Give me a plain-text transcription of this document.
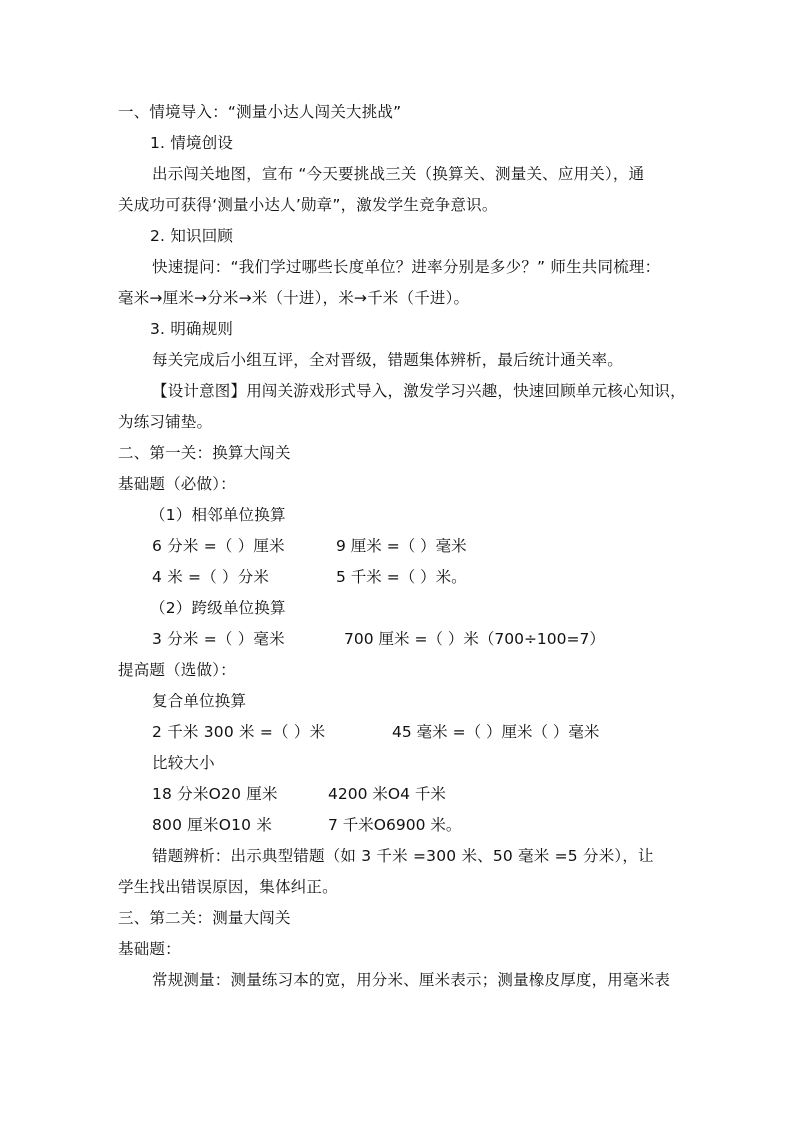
一、情境导入：“测量小达人闯关大挑战”
1. 情境创设
出示闯关地图，宣布 “今天要挑战三关（换算关、测量关、应用关），通
关成功可获得‘测量小达人’勋章”，激发学生竞争意识。
2. 知识回顾
快速提问：“我们学过哪些长度单位？进率分别是多少？” 师生共同梳理：
毫米→厘米→分米→米（十进），米→千米（千进）。
3. 明确规则
每关完成后小组互评，全对晋级，错题集体辨析，最后统计通关率。
【设计意图】用闯关游戏形式导入，激发学习兴趣，快速回顾单元核心知识，
为练习铺垫。
二、第一关：换算大闯关
基础题（必做）：
（1）相邻单位换算
6 分米 =（ ）厘米	9 厘米 =（ ）毫米
4 米 =（ ）分米	5 千米 =（ ）米。
（2）跨级单位换算
3 分米 =（ ）毫米	700 厘米 =（ ）米（700÷100=7）
提高题（选做）：
复合单位换算
2 千米 300 米 =（ ）米	45 毫米 =（ ）厘米（ ）毫米
比较大小
18 分米O20 厘米	4200 米O4 千米
800 厘米O10 米	7 千米O6900 米。
错题辨析：出示典型错题（如 3 千米 =300 米、50 毫米 =5 分米），让
学生找出错误原因，集体纠正。
三、第二关：测量大闯关
基础题：
常规测量：测量练习本的宽，用分米、厘米表示；测量橡皮厚度，用毫米表
